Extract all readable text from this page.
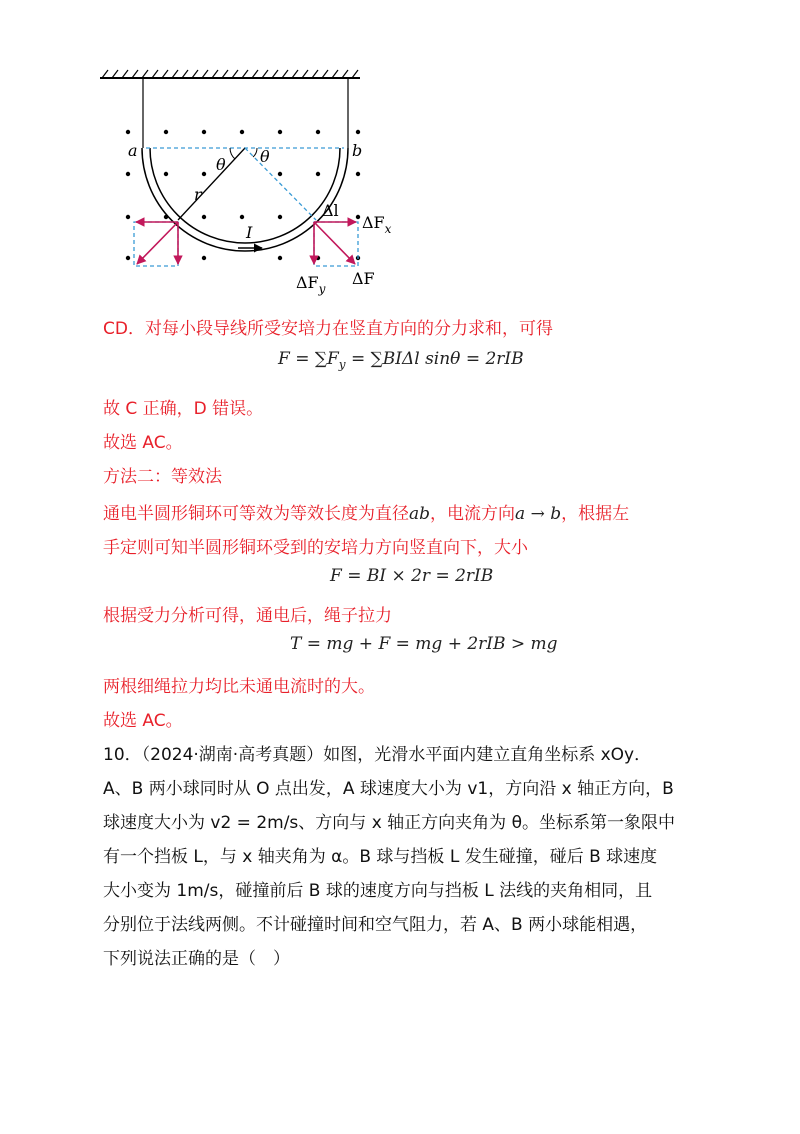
a	b
θ θ
r
Δl
I
$\Delta F_x$
$\Delta F_y$
ΔF
CD．对每小段导线所受安培力在竖直方向的分力求和，可得
$F = \sum F_y = \sum BI\Delta l$ sinθ = 2rIB
故 C 正确，D 错误。
故选 AC。
方法二：等效法
通电半圆形铜环可等效为等效长度为直径ab，电流方向a → b，根据左
手定则可知半圆形铜环受到的安培力方向竖直向下，大小
F = BI × 2r = 2rIB
根据受力分析可得，通电后，绳子拉力
T = mg + F = mg + 2rIB > mg
两根细绳拉力均比未通电流时的大。
故选 AC。
10．（2024·湖南·高考真题）如图，光滑水平面内建立直角坐标系 xOy．
A、B 两小球同时从 O 点出发，A 球速度大小为 v1，方向沿 x 轴正方向，B
球速度大小为 v2 = 2m/s、方向与 x 轴正方向夹角为 θ。坐标系第一象限中
有一个挡板 L，与 x 轴夹角为 α。B 球与挡板 L 发生碰撞，碰后 B 球速度
大小变为 1m/s，碰撞前后 B 球的速度方向与挡板 L 法线的夹角相同，且
分别位于法线两侧。不计碰撞时间和空气阻力，若 A、B 两小球能相遇，
下列说法正确的是（　）
